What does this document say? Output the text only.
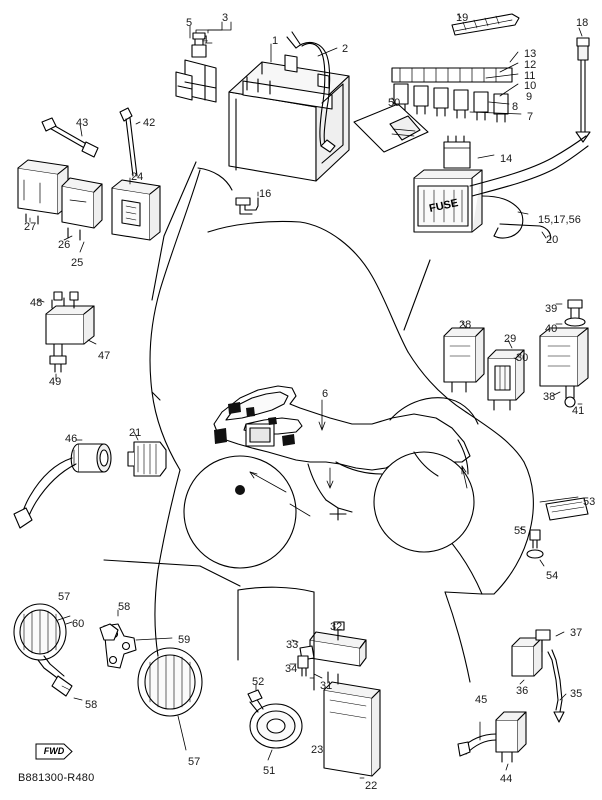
FUSE
FWD
B881300-R480
1
2
3
4
5
6
7
8
9
10
11
12
13
14
15,17,56
16
18
19
20
21
22
23
24
25
26
27
28
29
30
31
32
33
34
35
36
37
38
39
40
41
42
43
44
45
46
47
48
49
50
51
52
53
54
55
57
57
58
58
59
60
